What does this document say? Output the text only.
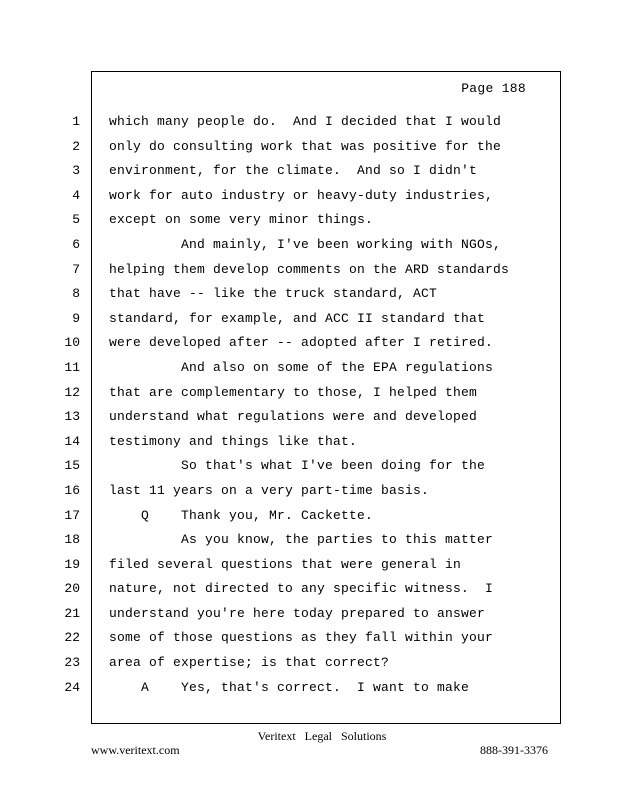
Page 188
1
2
3
4
5
6
7
8
9
10
11
12
13
14
15
16
17
18
19
20
21
22
23
24
which many people do.  And I decided that I would
only do consulting work that was positive for the
environment, for the climate.  And so I didn't
work for auto industry or heavy-duty industries,
except on some very minor things.
And mainly, I've been working with NGOs,
helping them develop comments on the ARD standards
that have -- like the truck standard, ACT
standard, for example, and ACC II standard that
were developed after -- adopted after I retired.
And also on some of the EPA regulations
that are complementary to those, I helped them
understand what regulations were and developed
testimony and things like that.
So that's what I've been doing for the
last 11 years on a very part-time basis.
Q    Thank you, Mr. Cackette.
As you know, the parties to this matter
filed several questions that were general in
nature, not directed to any specific witness.  I
understand you're here today prepared to answer
some of those questions as they fall within your
area of expertise; is that correct?
A    Yes, that's correct.  I want to make
Veritext Legal Solutions
www.veritext.com	888-391-3376
